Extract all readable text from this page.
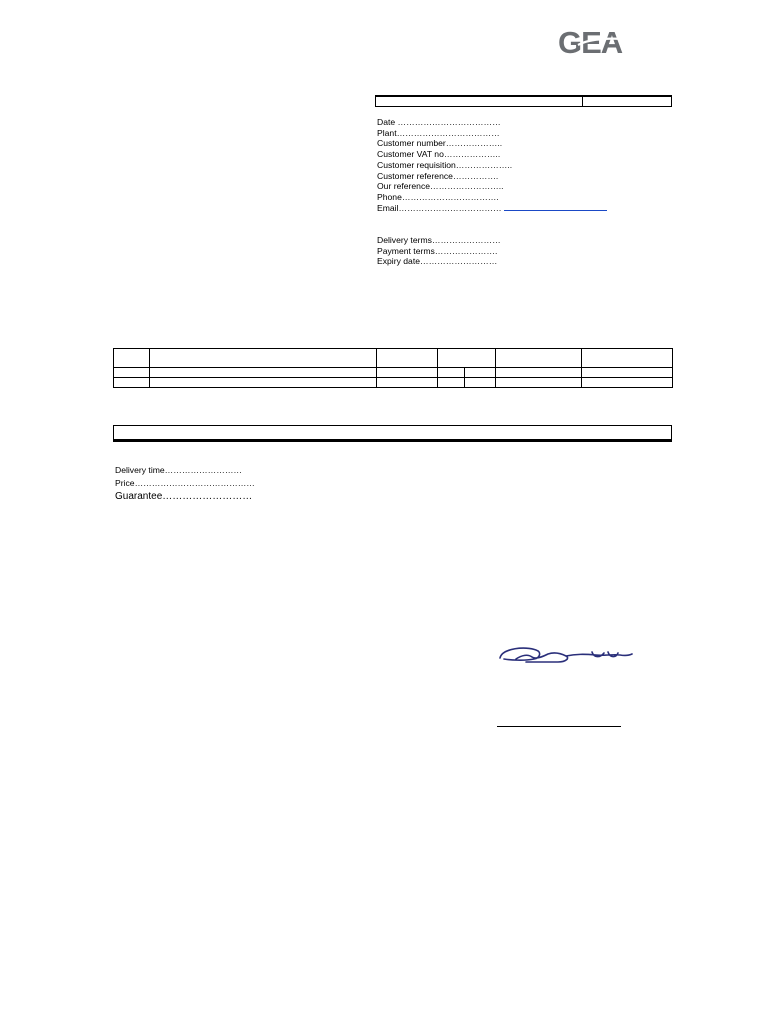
GEA
Date ………………………………
Plant………………………………
Customer number………………..
Customer VAT no………………..
Customer requisition………………..
Customer reference…………….
Our reference……………………..
Phone…………………………….
Email………………………………
Delivery terms……………………
Payment terms………………….
Expiry date………………………

Delivery time………………………
Price……………………………………
Guarantee………………………
